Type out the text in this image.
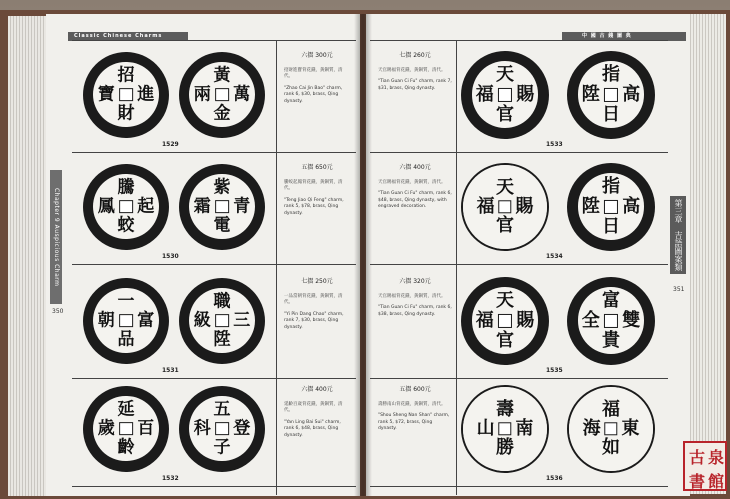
Classic Chinese Charms	中 國 古 錢 圖 典
Chapter 9 Auspicious Charm
350
第三章　吉語圖案類
351
古 泉
書 館
招
財
寶 進
1529
黃
金
兩 萬
六摺 300元
招財進寶背花錢，黃銅質，清代。
"Zhao Cai Jin Bao" charm, rank 6, $30, brass, Qing dynasty.
騰
蛟
鳳 起
1530
紫
電
霜 青
五摺 650元
騰蛟起鳳背花錢，黃銅質，清代。
"Teng Jiao Qi Feng" charm, rank 5, $78, brass, Qing dynasty.
一
品
朝 富
1531
職
陞
級 三
七摺 250元
一品當朝背花錢，黃銅質，清代。
"Yi Pin Dang Chao" charm, rank 7, $30, brass, Qing dynasty.
延
齡
歲 百
1532
五
子
科 登
六摺 400元
延齡百歲背花錢，黃銅質，清代。
"Yan Ling Bai Sui" charm, rank 6, $48, brass, Qing dynasty.
天
官
福 賜
1533
指
日
陞 高
七摺 260元
天官賜福背花錢，黃銅質，清代。
"Tian Guan Ci Fu" charm, rank 7, $31, brass, Qing dynasty.
天
官
福 賜
1534
指
日
陞 高
六摺 400元
天官賜福背花錢，黃銅質，清代。
"Tian Guan Ci Fu" charm, rank 6, $48, brass, Qing dynasty, with engraved decoration.
天
官
福 賜
1535
富
貴
全 雙
六摺 320元
天官賜福背花錢，黃銅質，清代。
"Tian Guan Ci Fu" charm, rank 6, $38, brass, Qing dynasty.
壽
勝
山 南
1536
福
如
海 東
五摺 600元
壽勝南山背花錢，黃銅質，清代。
"Shou Sheng Nan Shan" charm, rank 5, $72, brass, Qing dynasty.
